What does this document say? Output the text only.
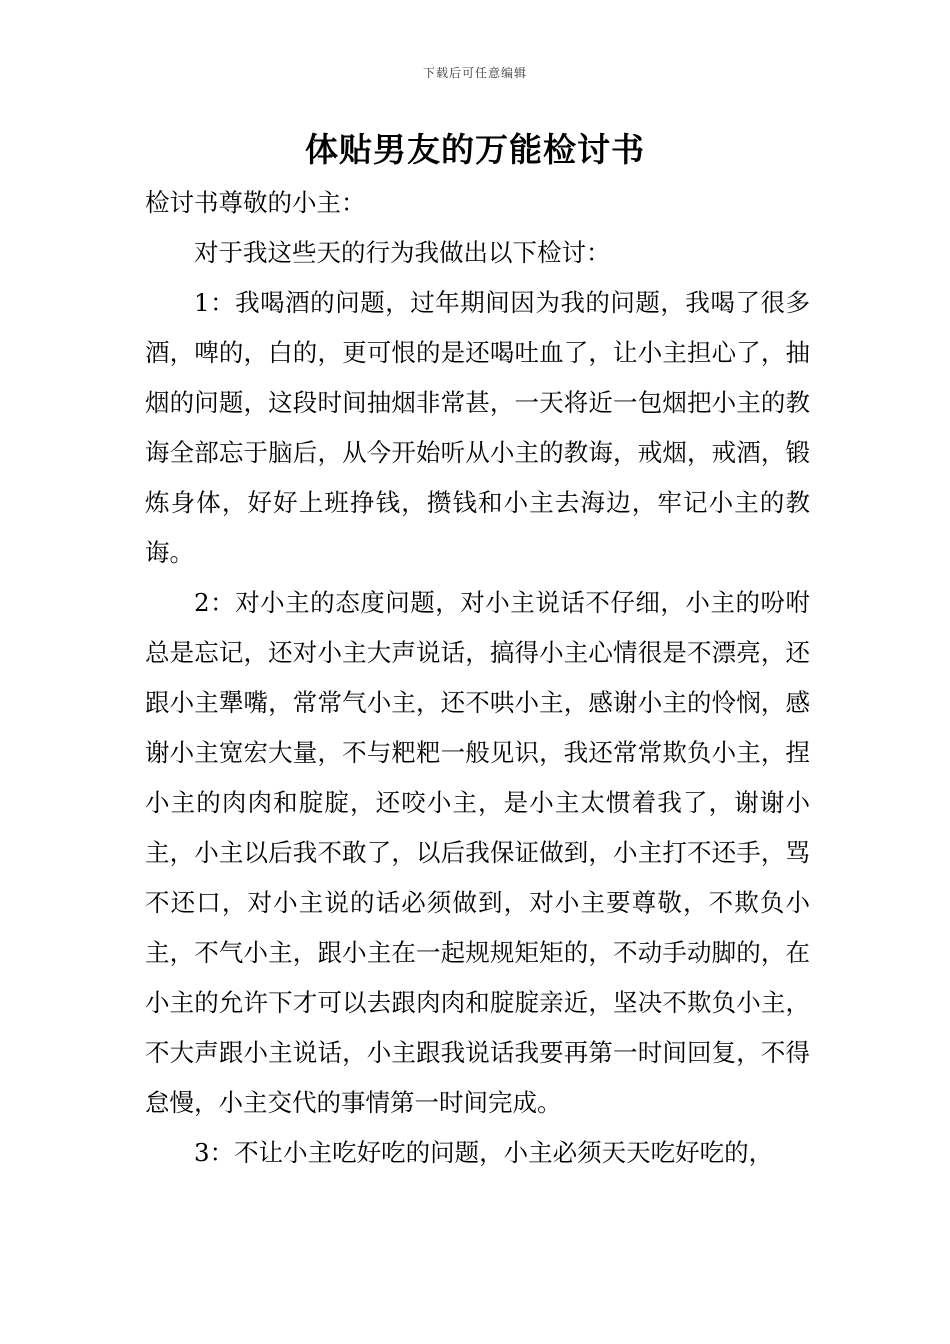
下载后可任意编辑
体贴男友的万能检讨书

检讨书尊敬的小主：

对于我这些天的行为我做出以下检讨：

1：我喝酒的问题，过年期间因为我的问题，我喝了很多酒，啤的，白的，更可恨的是还喝吐血了，让小主担心了，抽烟的问题，这段时间抽烟非常甚，一天将近一包烟把小主的教诲全部忘于脑后，从今开始听从小主的教诲，戒烟，戒酒，锻炼身体，好好上班挣钱，攒钱和小主去海边，牢记小主的教诲。

2：对小主的态度问题，对小主说话不仔细，小主的吩咐总是忘记，还对小主大声说话，搞得小主心情很是不漂亮，还跟小主犟嘴，常常气小主，还不哄小主，感谢小主的怜悯，感谢小主宽宏大量，不与粑粑一般见识，我还常常欺负小主，捏小主的肉肉和腚腚，还咬小主，是小主太惯着我了，谢谢小主，小主以后我不敢了，以后我保证做到，小主打不还手，骂不还口，对小主说的话必须做到，对小主要尊敬，不欺负小主，不气小主，跟小主在一起规规矩矩的，不动手动脚的，在小主的允许下才可以去跟肉肉和腚腚亲近，坚决不欺负小主，不大声跟小主说话，小主跟我说话我要再第一时间回复，不得怠慢，小主交代的事情第一时间完成。

3：不让小主吃好吃的问题，小主必须天天吃好吃的，
